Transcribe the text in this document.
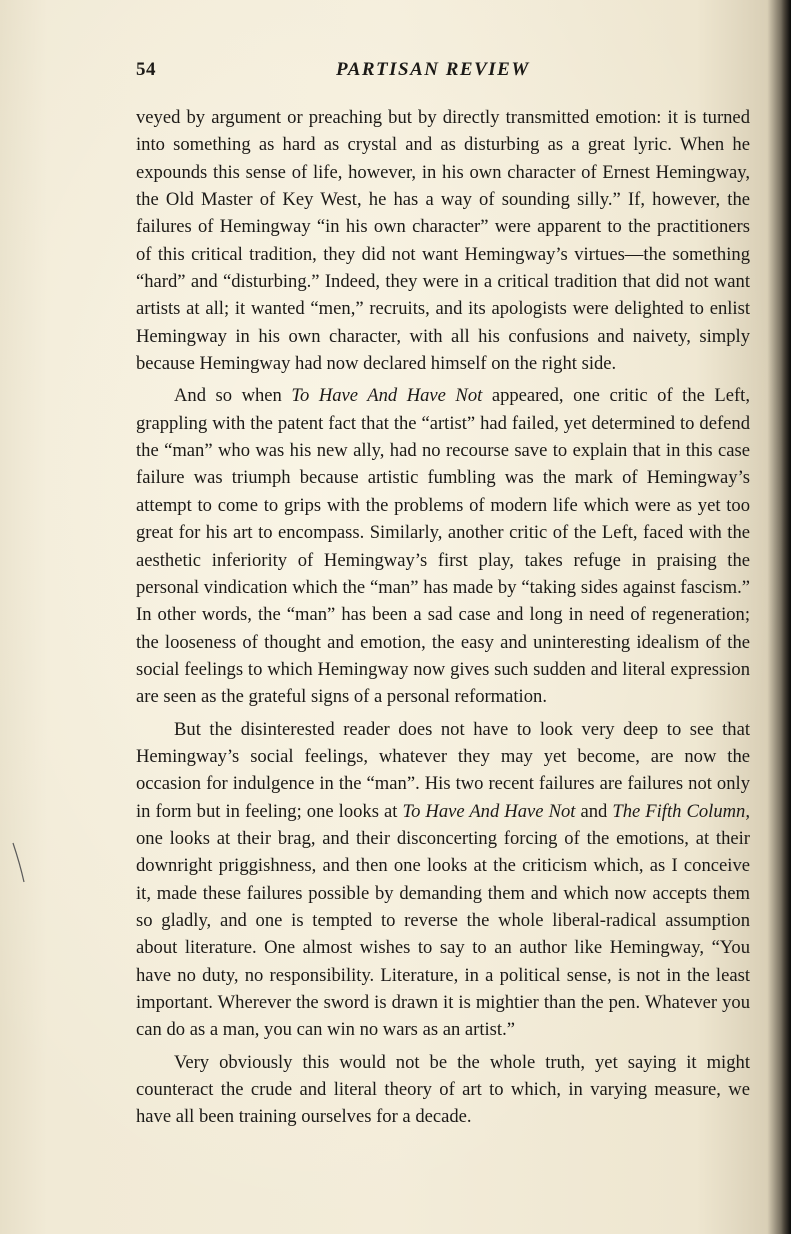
54	PARTISAN REVIEW

veyed by argument or preaching but by directly transmitted emotion: it is turned into something as hard as crystal and as disturbing as a great lyric. When he expounds this sense of life, however, in his own character of Ernest Hemingway, the Old Master of Key West, he has a way of sounding silly.” If, however, the failures of Hemingway “in his own character” were apparent to the practitioners of this critical tradition, they did not want Hemingway’s virtues—the something “hard” and “disturbing.” Indeed, they were in a critical tradition that did not want artists at all; it wanted “men,” recruits, and its apologists were delighted to enlist Hemingway in his own character, with all his confusions and naivety, simply because Hemingway had now declared himself on the right side.

And so when To Have And Have Not appeared, one critic of the Left, grappling with the patent fact that the “artist” had failed, yet determined to defend the “man” who was his new ally, had no recourse save to explain that in this case failure was triumph because artistic fumbling was the mark of Hemingway’s attempt to come to grips with the problems of modern life which were as yet too great for his art to encompass. Similarly, another critic of the Left, faced with the aesthetic inferiority of Hemingway’s first play, takes refuge in praising the personal vindication which the “man” has made by “taking sides against fascism.” In other words, the “man” has been a sad case and long in need of regeneration; the looseness of thought and emotion, the easy and uninteresting idealism of the social feelings to which Hemingway now gives such sudden and literal expression are seen as the grateful signs of a personal reformation.

But the disinterested reader does not have to look very deep to see that Hemingway’s social feelings, whatever they may yet become, are now the occasion for indulgence in the “man”. His two recent failures are failures not only in form but in feeling; one looks at To Have And Have Not and The Fifth Column, one looks at their brag, and their disconcerting forcing of the emotions, at their downright priggishness, and then one looks at the criticism which, as I conceive it, made these failures possible by demanding them and which now accepts them so gladly, and one is tempted to reverse the whole liberal-radical assumption about literature. One almost wishes to say to an author like Hemingway, “You have no duty, no responsibility. Literature, in a political sense, is not in the least important. Wherever the sword is drawn it is mightier than the pen. Whatever you can do as a man, you can win no wars as an artist.”

Very obviously this would not be the whole truth, yet saying it might counteract the crude and literal theory of art to which, in varying measure, we have all been training ourselves for a decade.
